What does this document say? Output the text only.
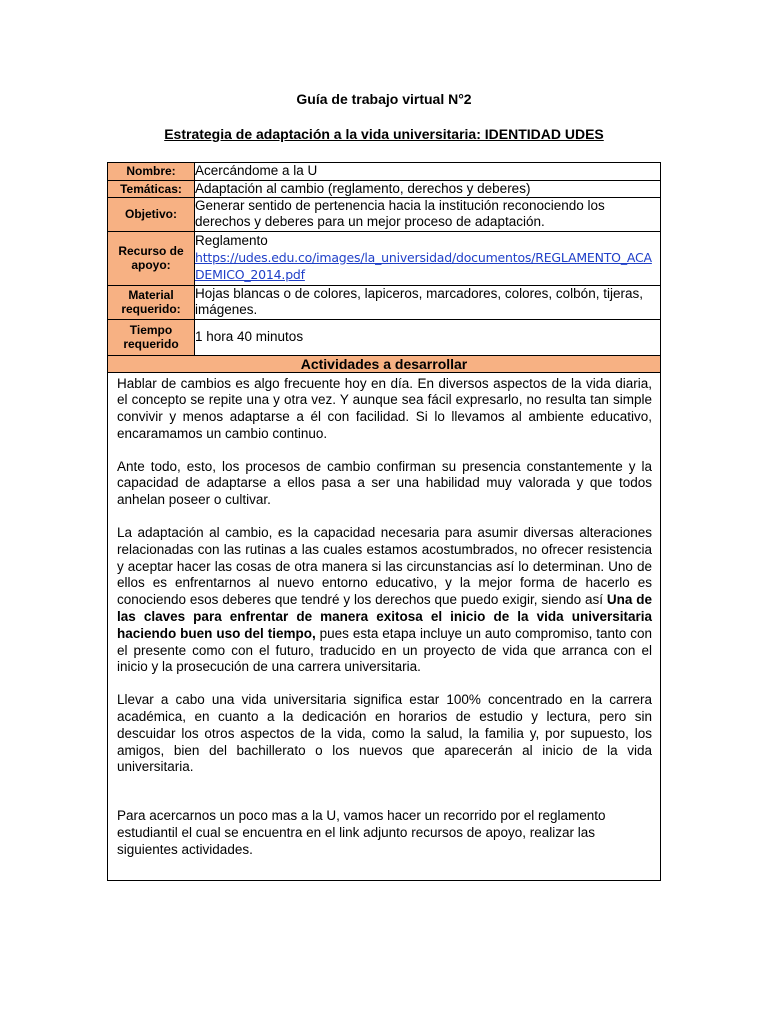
Guía de trabajo virtual N°2
Estrategia de adaptación a la vida universitaria: IDENTIDAD UDES
Nombre:	Acercándome a la U
Temáticas:	Adaptación al cambio (reglamento, derechos y deberes)
Objetivo:	Generar sentido de pertenencia hacia la institución reconociendo los derechos y deberes para un mejor proceso de adaptación.
Recurso de apoyo:	Reglamento
https://udes.edu.co/images/la_universidad/documentos/REGLAMENTO_ACADEMICO_2014.pdf

Material requerido:	Hojas blancas o de colores, lapiceros, marcadores, colores, colbón, tijeras, imágenes.
Tiempo requerido	1 hora 40 minutos
Actividades a desarrollar

Hablar de cambios es algo frecuente hoy en día. En diversos aspectos de la vida diaria, el concepto se repite una y otra vez. Y aunque sea fácil expresarlo, no resulta tan simple convivir y menos adaptarse a él con facilidad. Si lo llevamos al ambiente educativo, encaramamos un cambio continuo.

Ante todo, esto, los procesos de cambio confirman su presencia constantemente y la capacidad de adaptarse a ellos pasa a ser una habilidad muy valorada y que todos anhelan poseer o cultivar.

La adaptación al cambio, es la capacidad necesaria para asumir diversas alteraciones relacionadas con las rutinas a las cuales estamos acostumbrados, no ofrecer resistencia y aceptar hacer las cosas de otra manera si las circunstancias así lo determinan. Uno de ellos es enfrentarnos al nuevo entorno educativo, y la mejor forma de hacerlo es conociendo esos deberes que tendré y los derechos que puedo exigir, siendo así Una de las claves para enfrentar de manera exitosa el inicio de la vida universitaria haciendo buen uso del tiempo, pues esta etapa incluye un auto compromiso, tanto con el presente como con el futuro, traducido en un proyecto de vida que arranca con el inicio y la prosecución de una carrera universitaria.

Llevar a cabo una vida universitaria significa estar 100% concentrado en la carrera académica, en cuanto a la dedicación en horarios de estudio y lectura, pero sin descuidar los otros aspectos de la vida, como la salud, la familia y, por supuesto, los amigos, bien del bachillerato o los nuevos que aparecerán al inicio de la vida universitaria.

Para acercarnos un poco mas a la U, vamos hacer un recorrido por el reglamento estudiantil el cual se encuentra en el link adjunto recursos de apoyo, realizar las siguientes actividades.
